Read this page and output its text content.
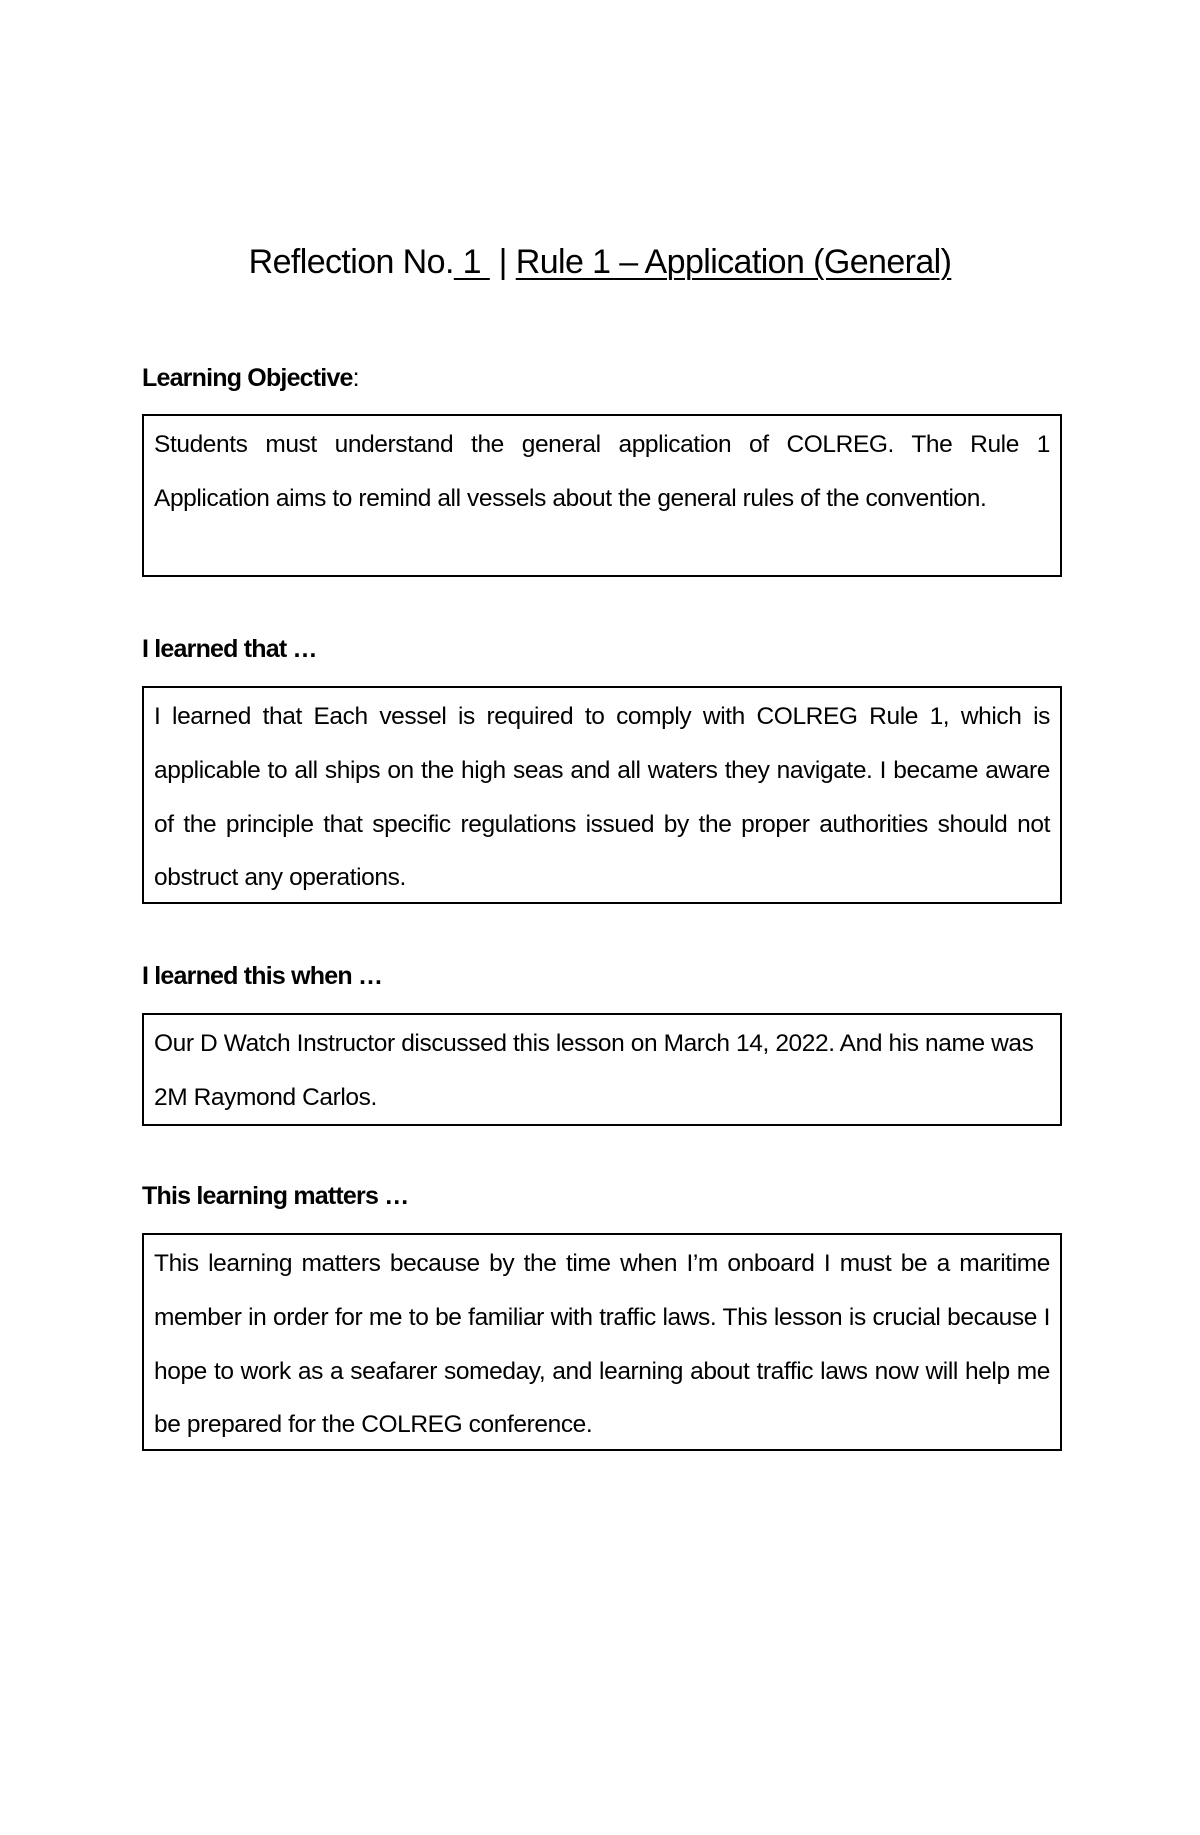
Reflection No. 1  | Rule 1 – Application (General)
Learning Objective:

Students must understand the general application of COLREG. The Rule 1 Application aims to remind all vessels about the general rules of the convention.

I learned that …

I learned that Each vessel is required to comply with COLREG Rule 1, which is applicable to all ships on the high seas and all waters they navigate. I became aware of the principle that specific regulations issued by the proper authorities should not obstruct any operations.

I learned this when …

Our D Watch Instructor discussed this lesson on March 14, 2022. And his name was 2M Raymond Carlos.

This learning matters …

This learning matters because by the time when I’m onboard I must be a maritime member in order for me to be familiar with traffic laws. This lesson is crucial because I hope to work as a seafarer someday, and learning about traffic laws now will help me be prepared for the COLREG conference.
